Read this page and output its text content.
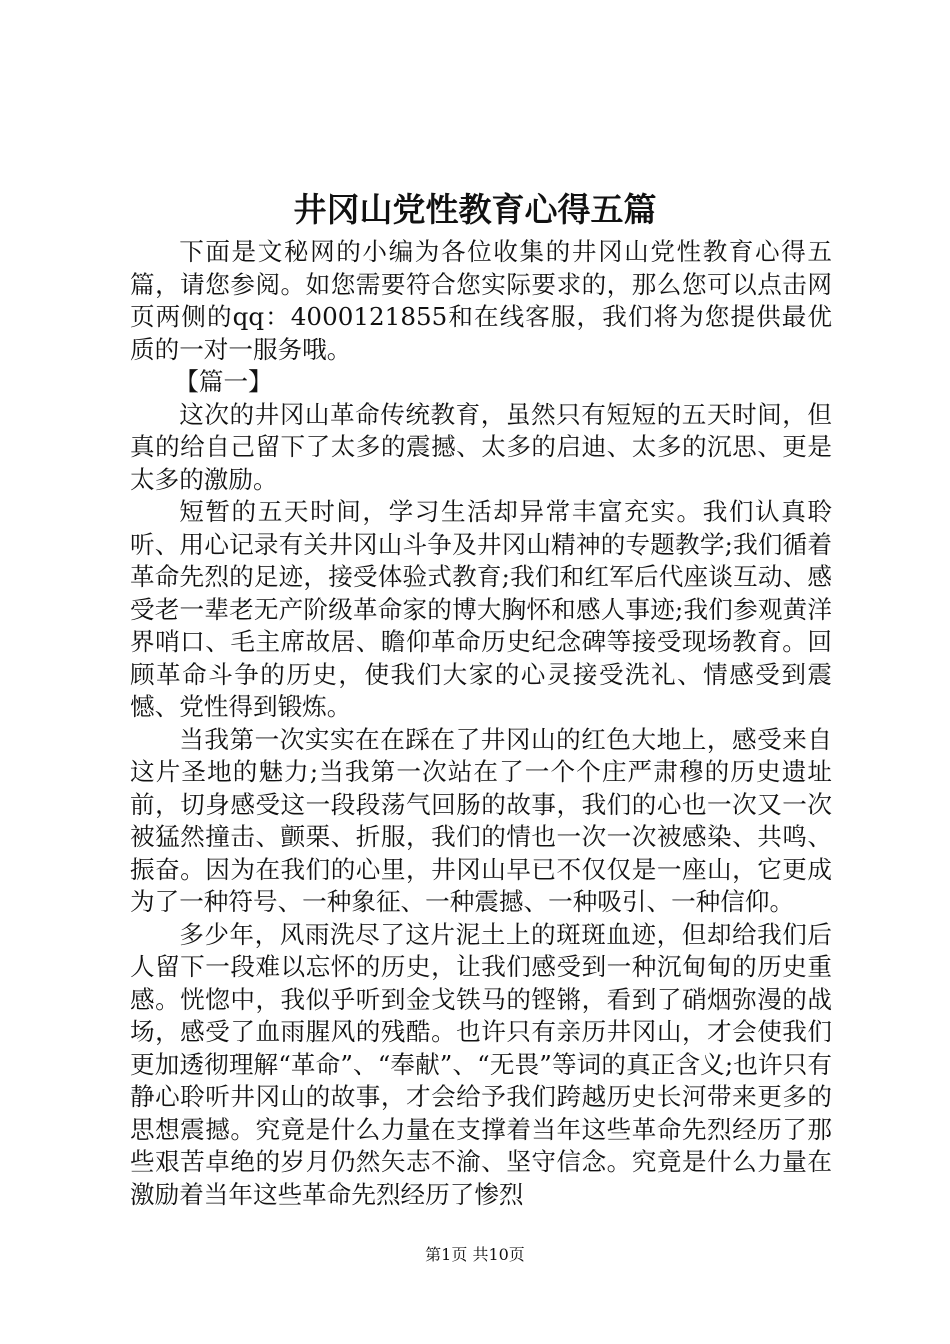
井冈山党性教育心得五篇

下面是文秘网的小编为各位收集的井冈山党性教育心得五篇，请您参阅。如您需要符合您实际要求的，那么您可以点击网页两侧的qq：4000121855和在线客服，我们将为您提供最优质的一对一服务哦。

【篇一】

这次的井冈山革命传统教育，虽然只有短短的五天时间，但真的给自己留下了太多的震撼、太多的启迪、太多的沉思、更是太多的激励。

短暂的五天时间，学习生活却异常丰富充实。我们认真聆听、用心记录有关井冈山斗争及井冈山精神的专题教学;我们循着革命先烈的足迹，接受体验式教育;我们和红军后代座谈互动、感受老一辈老无产阶级革命家的博大胸怀和感人事迹;我们参观黄洋界哨口、毛主席故居、瞻仰革命历史纪念碑等接受现场教育。回顾革命斗争的历史，使我们大家的心灵接受洗礼、情感受到震憾、党性得到锻炼。

当我第一次实实在在踩在了井冈山的红色大地上，感受来自这片圣地的魅力;当我第一次站在了一个个庄严肃穆的历史遗址前，切身感受这一段段荡气回肠的故事，我们的心也一次又一次被猛然撞击、颤栗、折服，我们的情也一次一次被感染、共鸣、振奋。因为在我们的心里，井冈山早已不仅仅是一座山，它更成为了一种符号、一种象征、一种震撼、一种吸引、一种信仰。

多少年，风雨洗尽了这片泥土上的斑斑血迹，但却给我们后人留下一段难以忘怀的历史，让我们感受到一种沉甸甸的历史重感。恍惚中，我似乎听到金戈铁马的铿锵，看到了硝烟弥漫的战场，感受了血雨腥风的残酷。也许只有亲历井冈山，才会使我们更加透彻理解“革命”、“奉献”、“无畏”等词的真正含义;也许只有静心聆听井冈山的故事，才会给予我们跨越历史长河带来更多的思想震撼。究竟是什么力量在支撑着当年这些革命先烈经历了那些艰苦卓绝的岁月仍然矢志不渝、坚守信念。究竟是什么力量在激励着当年这些革命先烈经历了惨烈

第1页 共10页
